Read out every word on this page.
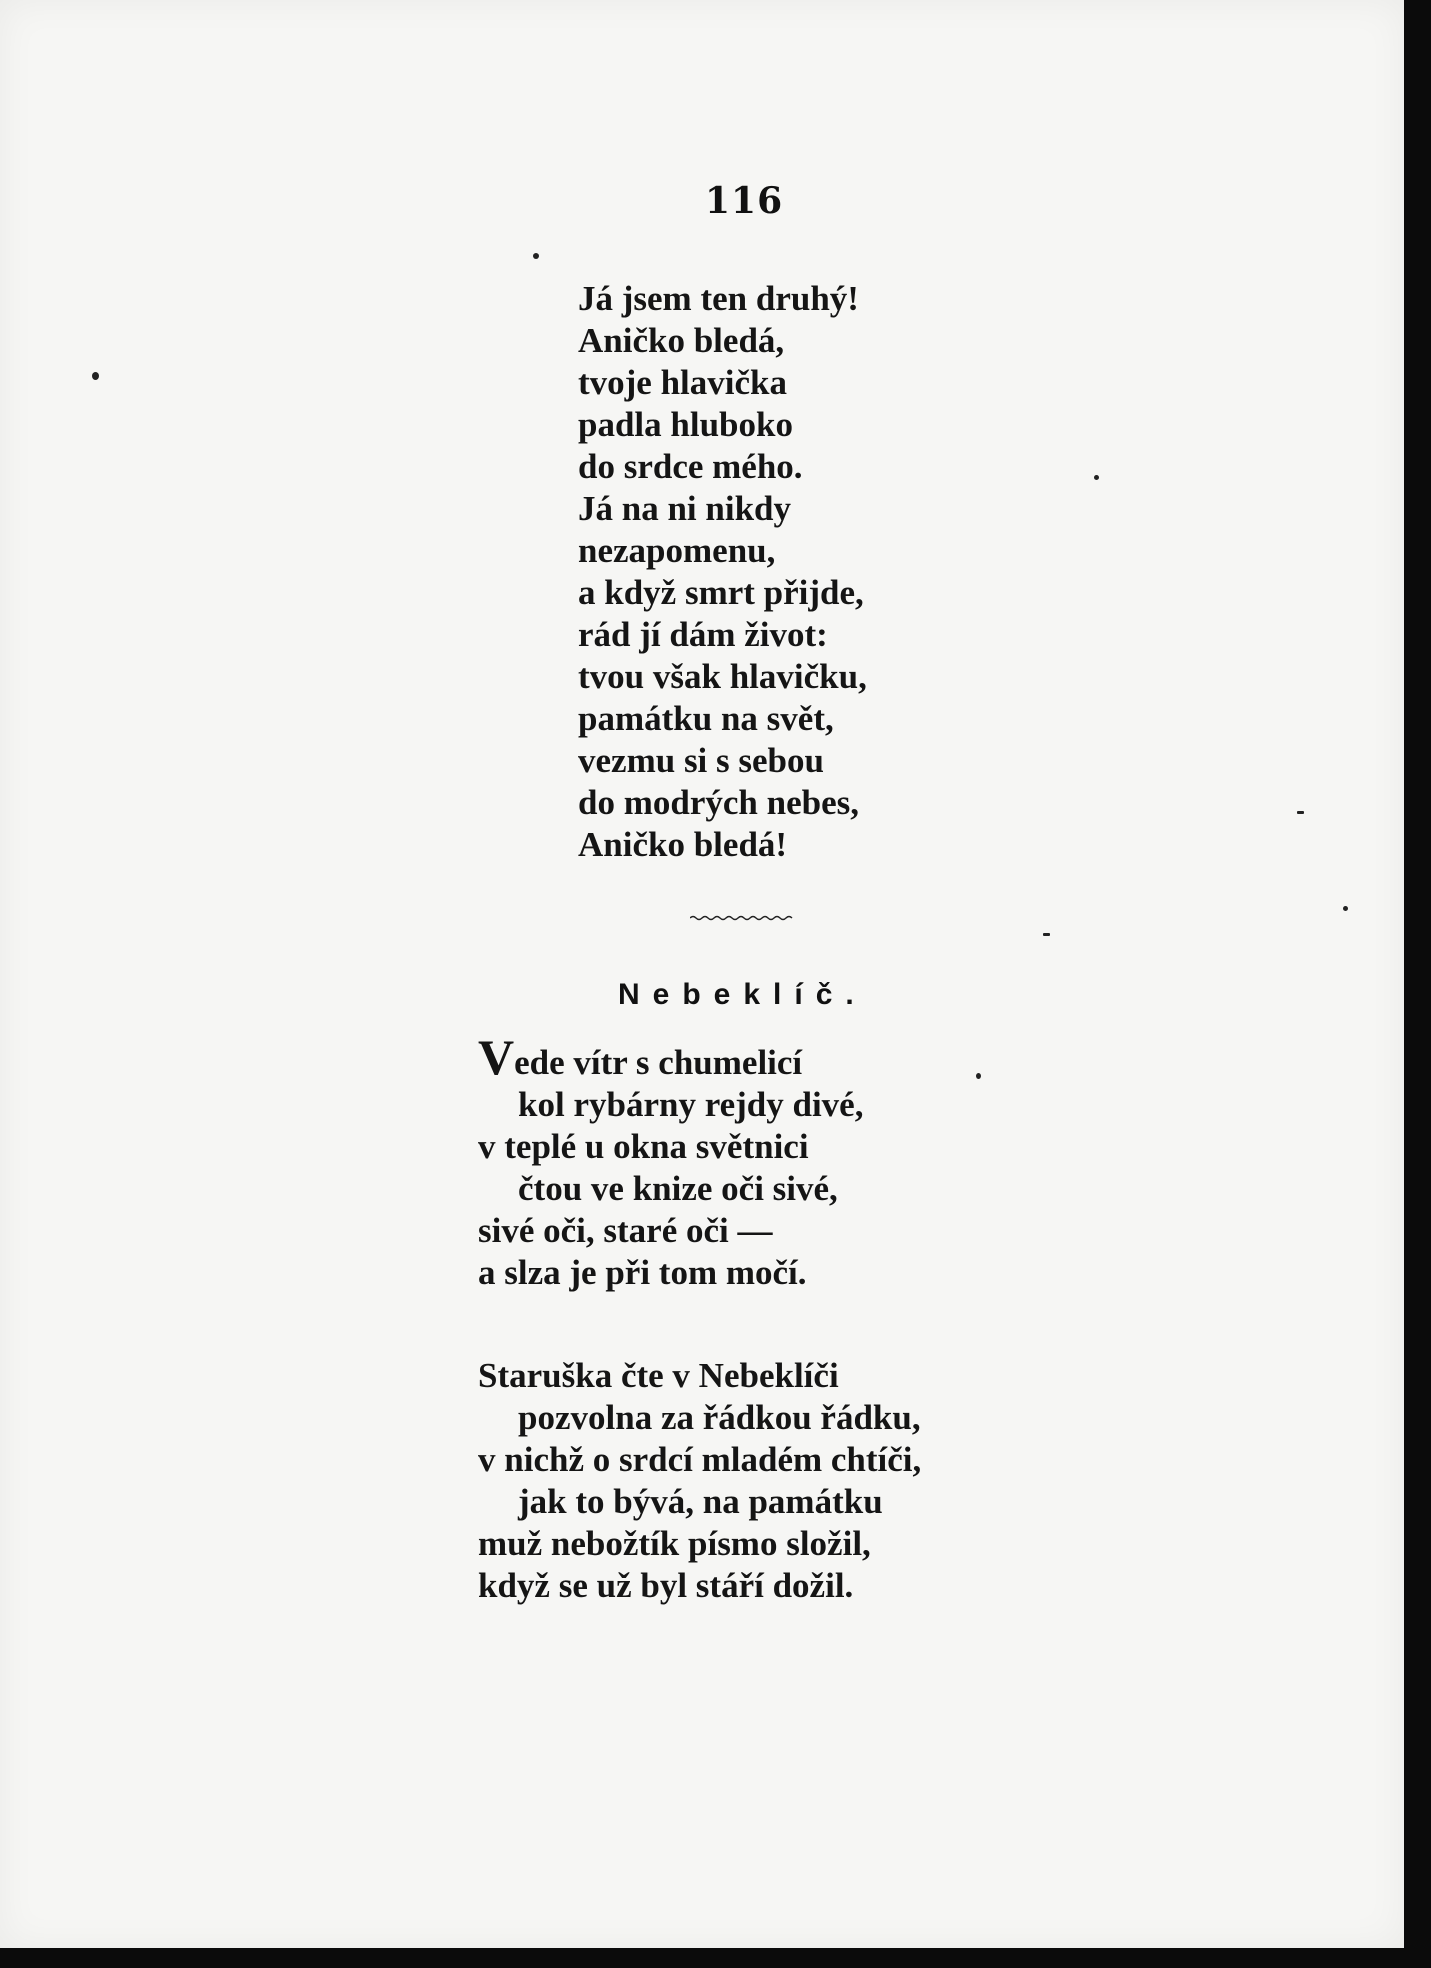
116
Já jsem ten druhý!
Aničko bledá,
tvoje hlavička
padla hluboko
do srdce mého.
Já na ni nikdy
nezapomenu,
a když smrt přijde,
rád jí dám život:
tvou však hlavičku,
památku na svět,
vezmu si s sebou
do modrých nebes,
Aničko bledá!
Nebeklíč.
Vede vítr s chumelicí
kol rybárny rejdy divé,
v teplé u okna světnici
čtou ve knize oči sivé,
sivé oči, staré oči —
a slza je při tom močí.
Staruška čte v Nebeklíči
pozvolna za řádkou řádku,
v nichž o srdcí mladém chtíči,
jak to bývá, na památku
muž nebožtík písmo složil,
když se už byl stáří dožil.
